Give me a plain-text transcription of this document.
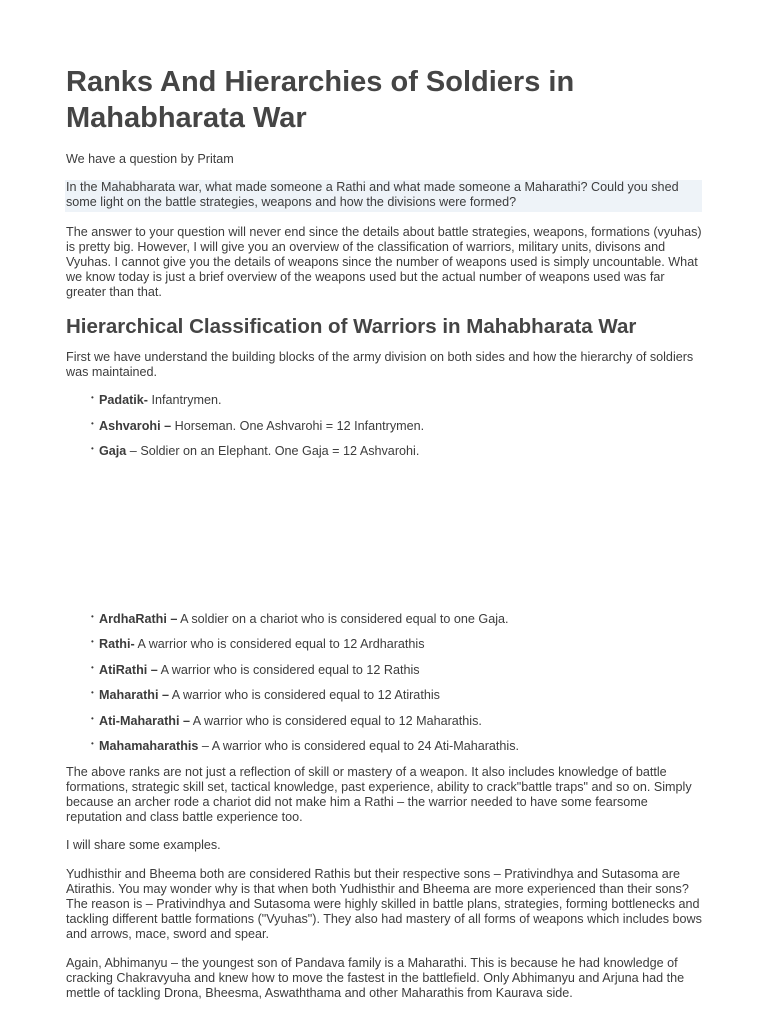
Ranks And Hierarchies of Soldiers in Mahabharata War

We have a question by Pritam

In the Mahabharata war, what made someone a Rathi and what made someone a Maharathi? Could you shed some light on the battle strategies, weapons and how the divisions were formed?

The answer to your question will never end since the details about battle strategies, weapons, formations (vyuhas) is pretty big. However, I will give you an overview of the classification of warriors, military units, divisons and Vyuhas. I cannot give you the details of weapons since the number of weapons used is simply uncountable. What we know today is just a brief overview of the weapons used but the actual number of weapons used was far greater than that.

Hierarchical Classification of Warriors in Mahabharata War

First we have understand the building blocks of the army division on both sides and how the hierarchy of soldiers was maintained.

• Padatik- Infantrymen.
• Ashvarohi – Horseman. One Ashvarohi = 12 Infantrymen.
• Gaja – Soldier on an Elephant. One Gaja = 12 Ashvarohi.
• ArdhaRathi – A soldier on a chariot who is considered equal to one Gaja.
• Rathi- A warrior who is considered equal to 12 Ardharathis
• AtiRathi – A warrior who is considered equal to 12 Rathis
• Maharathi – A warrior who is considered equal to 12 Atirathis
• Ati-Maharathi – A warrior who is considered equal to 12 Maharathis.
• Mahamaharathis – A warrior who is considered equal to 24 Ati-Maharathis.

The above ranks are not just a reflection of skill or mastery of a weapon. It also includes knowledge of battle formations, strategic skill set, tactical knowledge, past experience, ability to crack"battle traps" and so on. Simply because an archer rode a chariot did not make him a Rathi – the warrior needed to have some fearsome reputation and class battle experience too.

I will share some examples.

Yudhisthir and Bheema both are considered Rathis but their respective sons – Prativindhya and Sutasoma are Atirathis. You may wonder why is that when both Yudhisthir and Bheema are more experienced than their sons? The reason is – Prativindhya and Sutasoma were highly skilled in battle plans, strategies, forming bottlenecks and tackling different battle formations ("Vyuhas"). They also had mastery of all forms of weapons which includes bows and arrows, mace, sword and spear.

Again, Abhimanyu – the youngest son of Pandava family is a Maharathi. This is because he had knowledge of cracking Chakravyuha and knew how to move the fastest in the battlefield. Only Abhimanyu and Arjuna had the mettle of tackling Drona, Bheesma, Aswaththama and other Maharathis from Kaurava side.
